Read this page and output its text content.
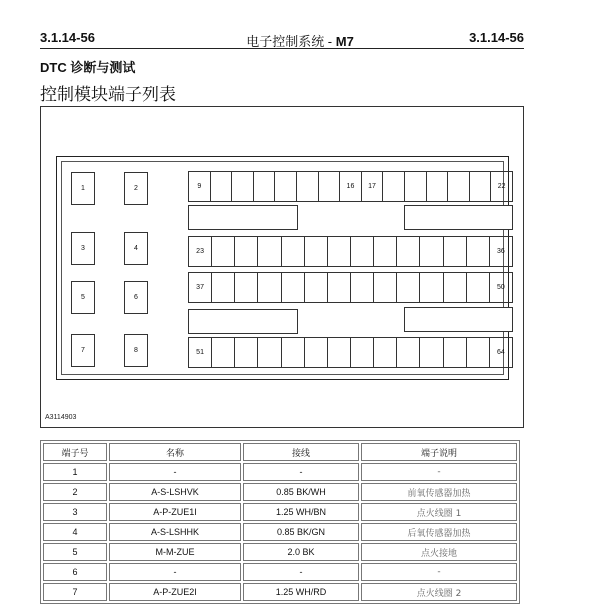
3.1.14-56	电子控制系统 - M7	3.1.14-56
DTC 诊断与测试
控制模块端子列表
1	2
3	4
5	6
7	8
9	16	17	22
23	36
37	50
51	64
A3114903
端子号	名称	接线	端子说明
1	-	-	-
2	A-S-LSHVK	0.85 BK/WH	前氧传感器加热
3	A-P-ZUE1I	1.25 WH/BN	点火线圈 1
4	A-S-LSHHK	0.85 BK/GN	后氧传感器加热
5	M-M-ZUE	2.0 BK	点火接地
6	-	-	-
7	A-P-ZUE2I	1.25 WH/RD	点火线圈 2
